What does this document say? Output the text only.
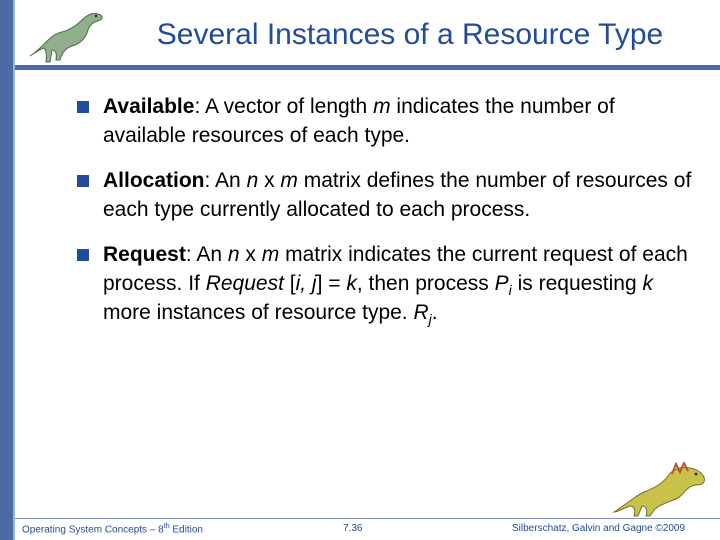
Several Instances of a Resource Type
Available: A vector of length m indicates the number of available resources of each type.
Allocation: An n x m matrix defines the number of resources of each type currently allocated to each process.
Request: An n x m matrix indicates the current request of each process. If Request [i, j] = k, then process $P_i$ is requesting k more instances of resource type. $R_j$.
Operating System Concepts – 8th Edition	7.36	Silberschatz, Galvin and Gagne ©2009
